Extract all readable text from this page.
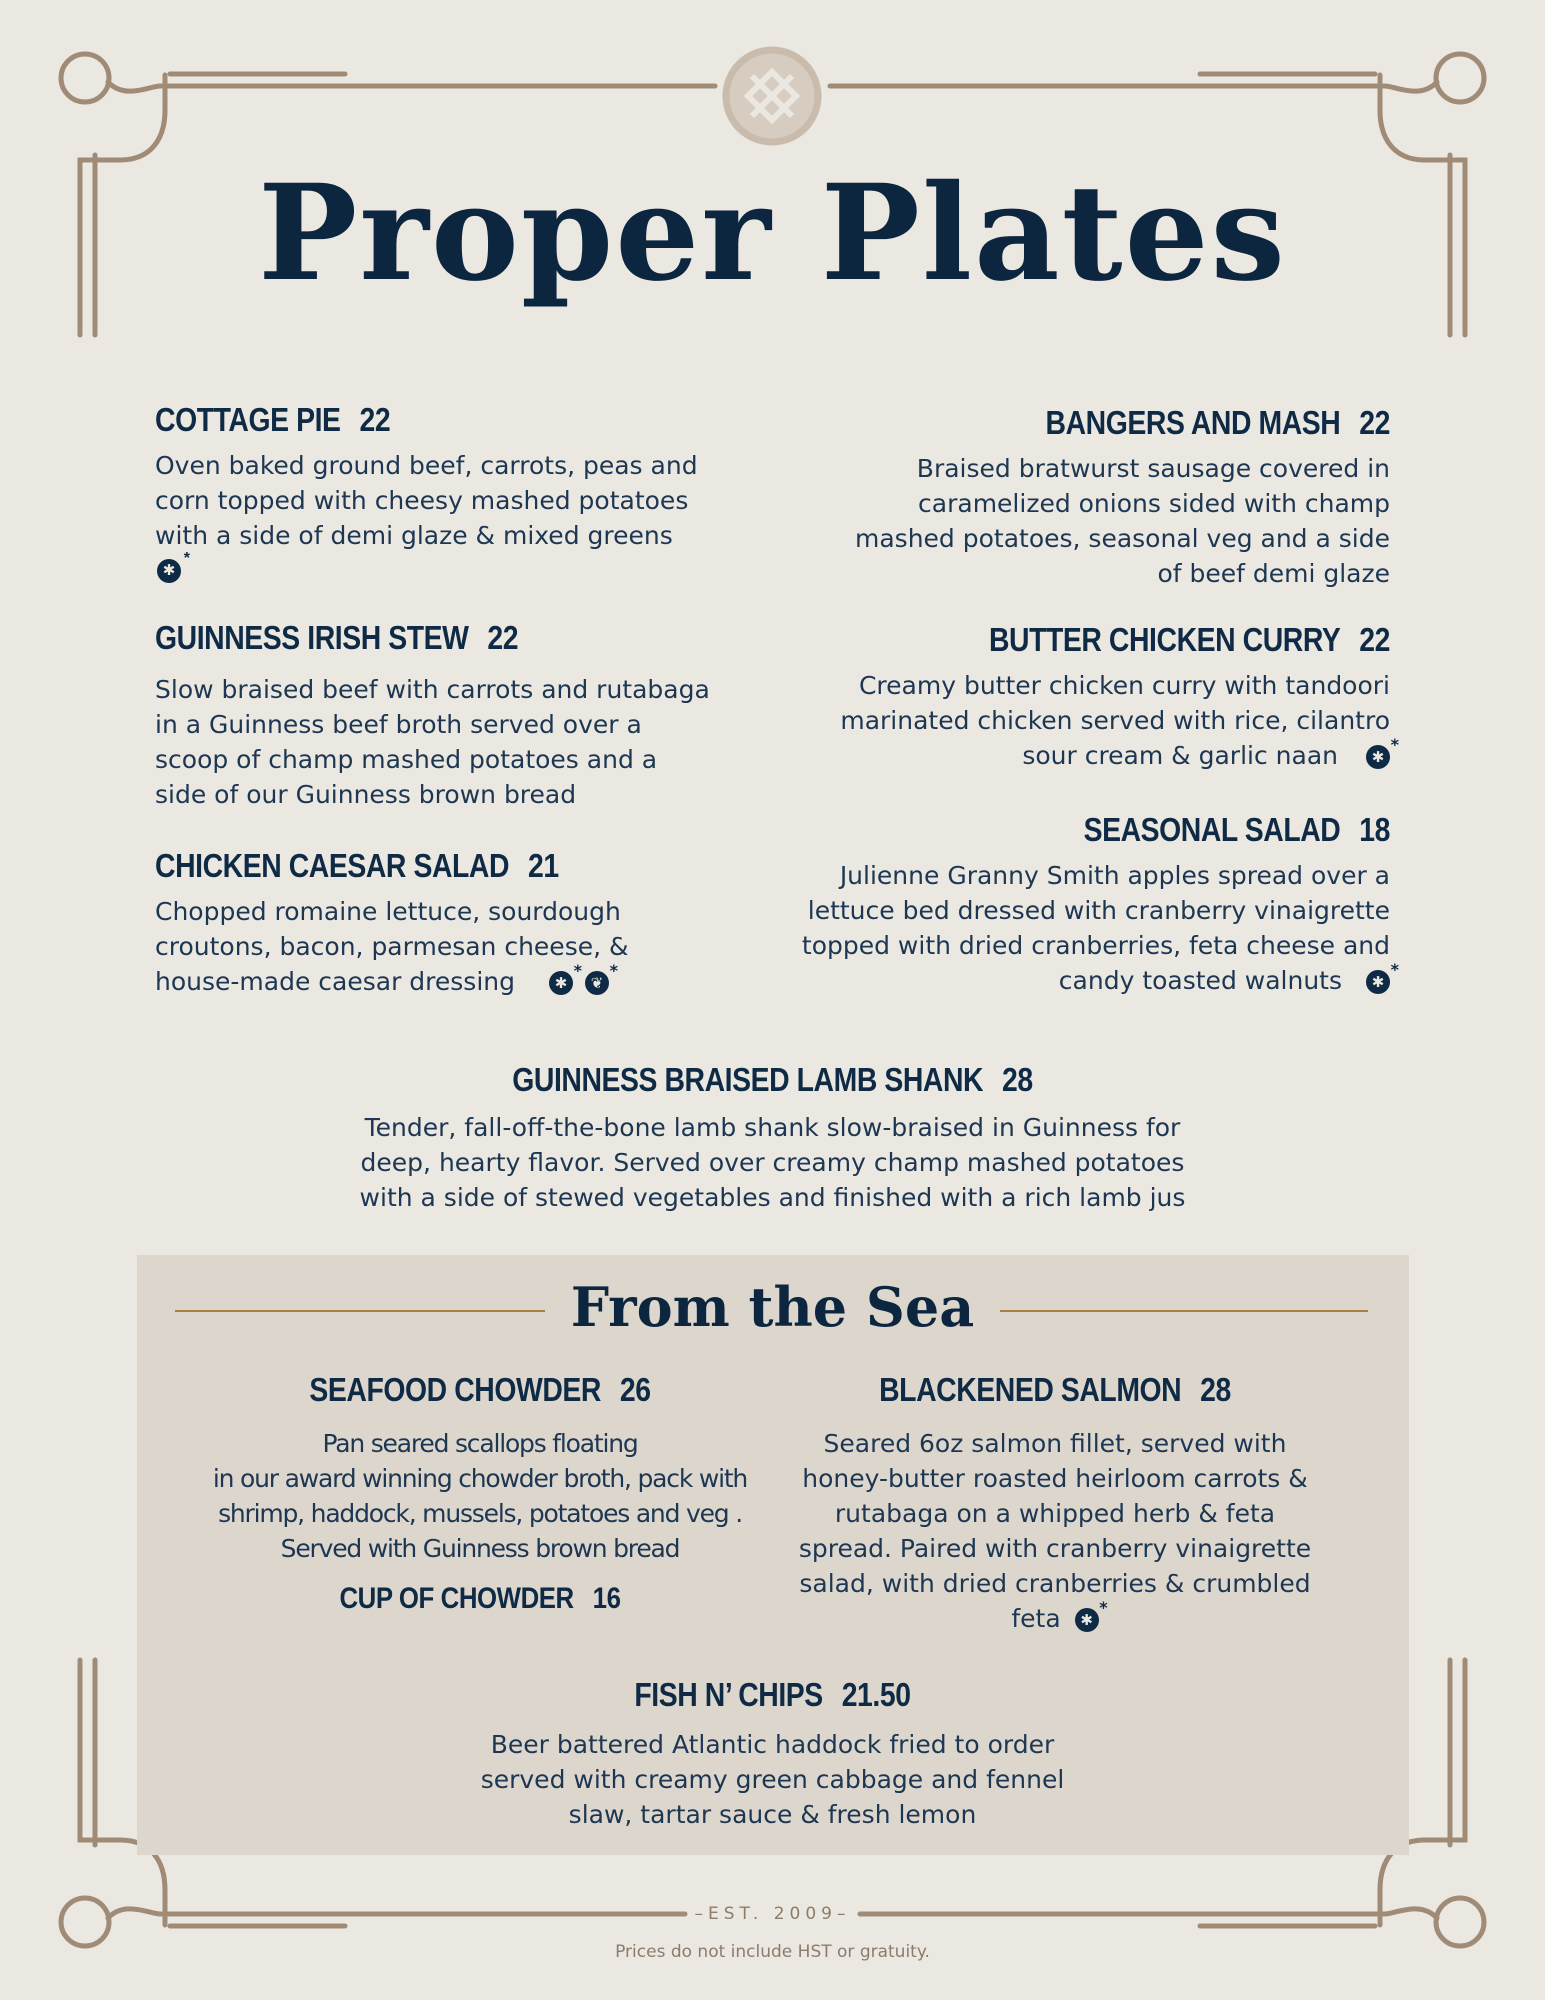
Proper Plates
COTTAGE PIE 22

Oven baked ground beef, carrots, peas and corn topped with cheesy mashed potatoes with a side of demi glaze & mixed greens

✱ *
GUINNESS IRISH STEW 22

Slow braised beef with carrots and rutabaga in a Guinness beef broth served over a scoop of champ mashed potatoes and a side of our Guinness brown bread

CHICKEN CAESAR SALAD 21

Chopped romaine lettuce, sourdough croutons, bacon, parmesan cheese, & house-made caesar dressing	✱ * ❦ *

BANGERS AND MASH 22

Braised bratwurst sausage covered in caramelized onions sided with champ mashed potatoes, seasonal veg and a side of beef demi glaze

BUTTER CHICKEN CURRY 22

Creamy butter chicken curry with tandoori marinated chicken served with rice, cilantro sour cream & garlic naan ✱ *

SEASONAL SALAD 18

Julienne Granny Smith apples spread over a lettuce bed dressed with cranberry vinaigrette topped with dried cranberries, feta cheese and candy toasted walnuts ✱ *

GUINNESS BRAISED LAMB SHANK 28

Tender, fall-off-the-bone lamb shank slow-braised in Guinness for deep, hearty flavor. Served over creamy champ mashed potatoes with a side of stewed vegetables and finished with a rich lamb jus

From the Sea
SEAFOOD CHOWDER 26

Pan seared scallops floating
in our award winning chowder broth, pack with
shrimp, haddock, mussels, potatoes and veg .
Served with Guinness brown bread

CUP OF CHOWDER 16
BLACKENED SALMON 28

Seared 6oz salmon fillet, served with honey-butter roasted heirloom carrots & rutabaga on a whipped herb & feta spread. Paired with cranberry vinaigrette salad, with dried cranberries & crumbled feta ✱ *

FISH N’ CHIPS 21.50

Beer battered Atlantic haddock fried to order served with creamy green cabbage and fennel slaw, tartar sauce & fresh lemon

–EST. 2009–
Prices do not include HST or gratuity.
